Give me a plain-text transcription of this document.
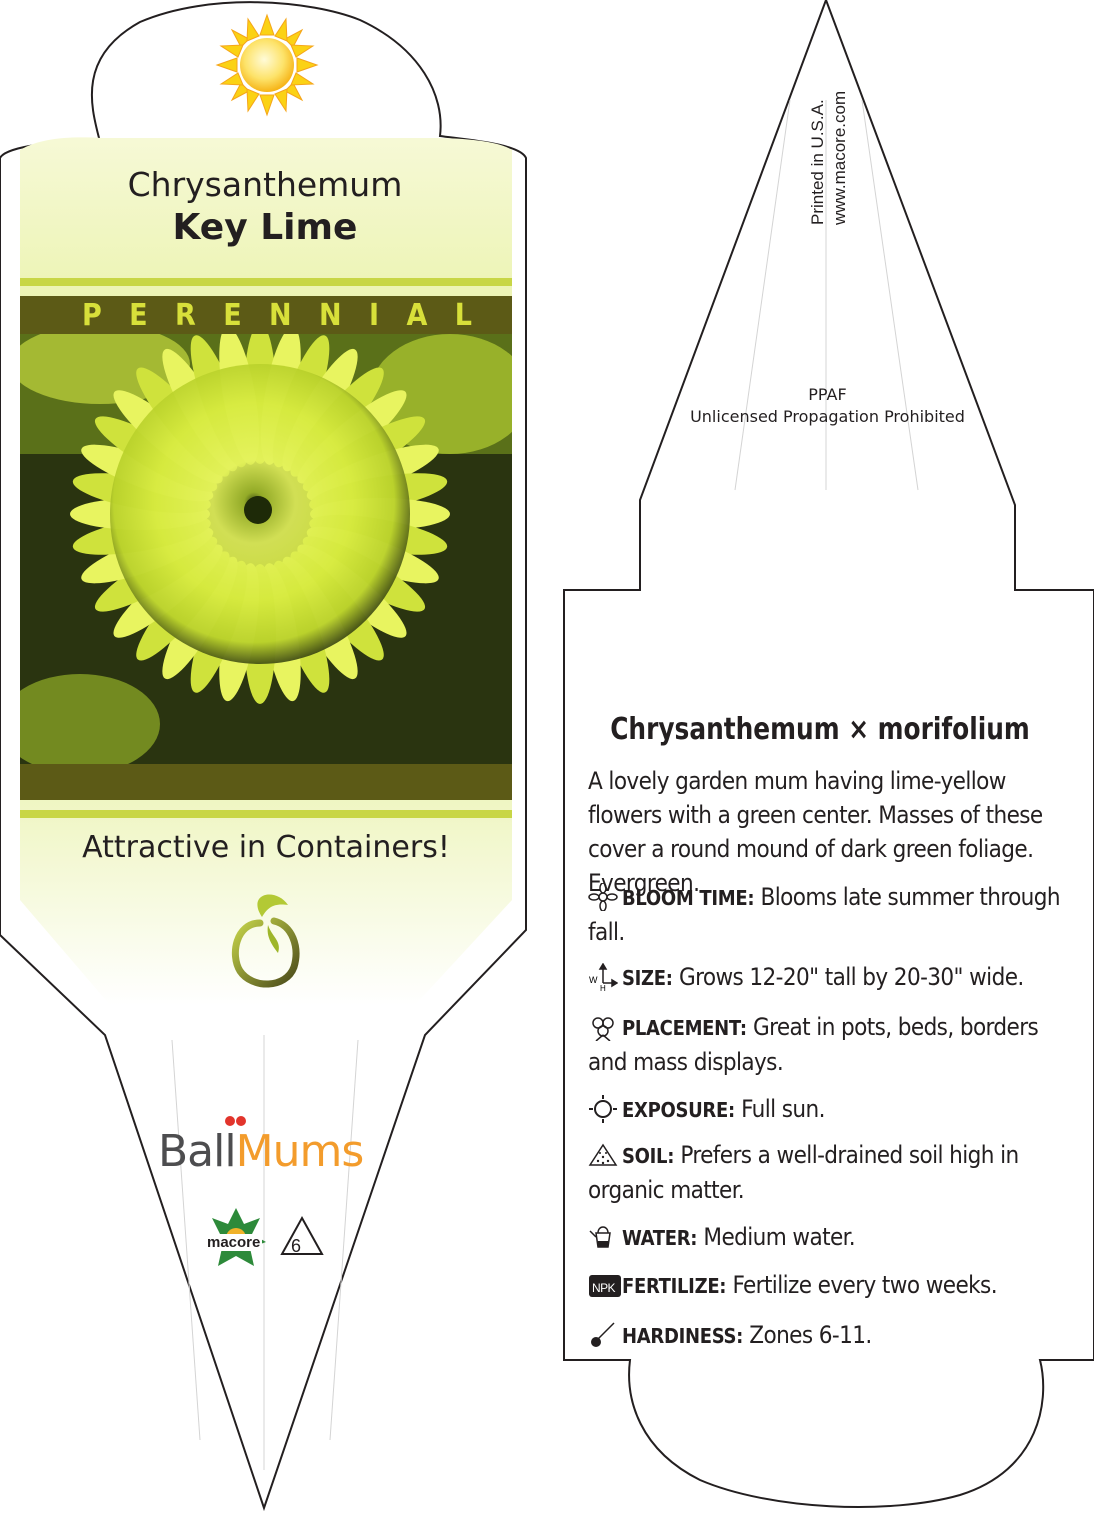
Chrysanthemum
Key Lime
P E R E N N I A L
Attractive in Containers!
BallMums
macore 6
Printed in U.S.A. www.macore.com
PPAF
Unlicensed Propagation Prohibited
Chrysanthemum × morifolium
A lovely garden mum having lime-yellow flowers with a green center. Masses of these cover a round mound of dark green foliage. Evergreen.
BLOOM TIME: Blooms late summer through fall.
W
H SIZE: Grows 12-20" tall by 20-30" wide.
PLACEMENT: Great in pots, beds, borders and mass displays.
EXPOSURE: Full sun.
SOIL: Prefers a well-drained soil high in organic matter.
WATER: Medium water.
NPK FERTILIZE: Fertilize every two weeks.
HARDINESS: Zones 6-11.
